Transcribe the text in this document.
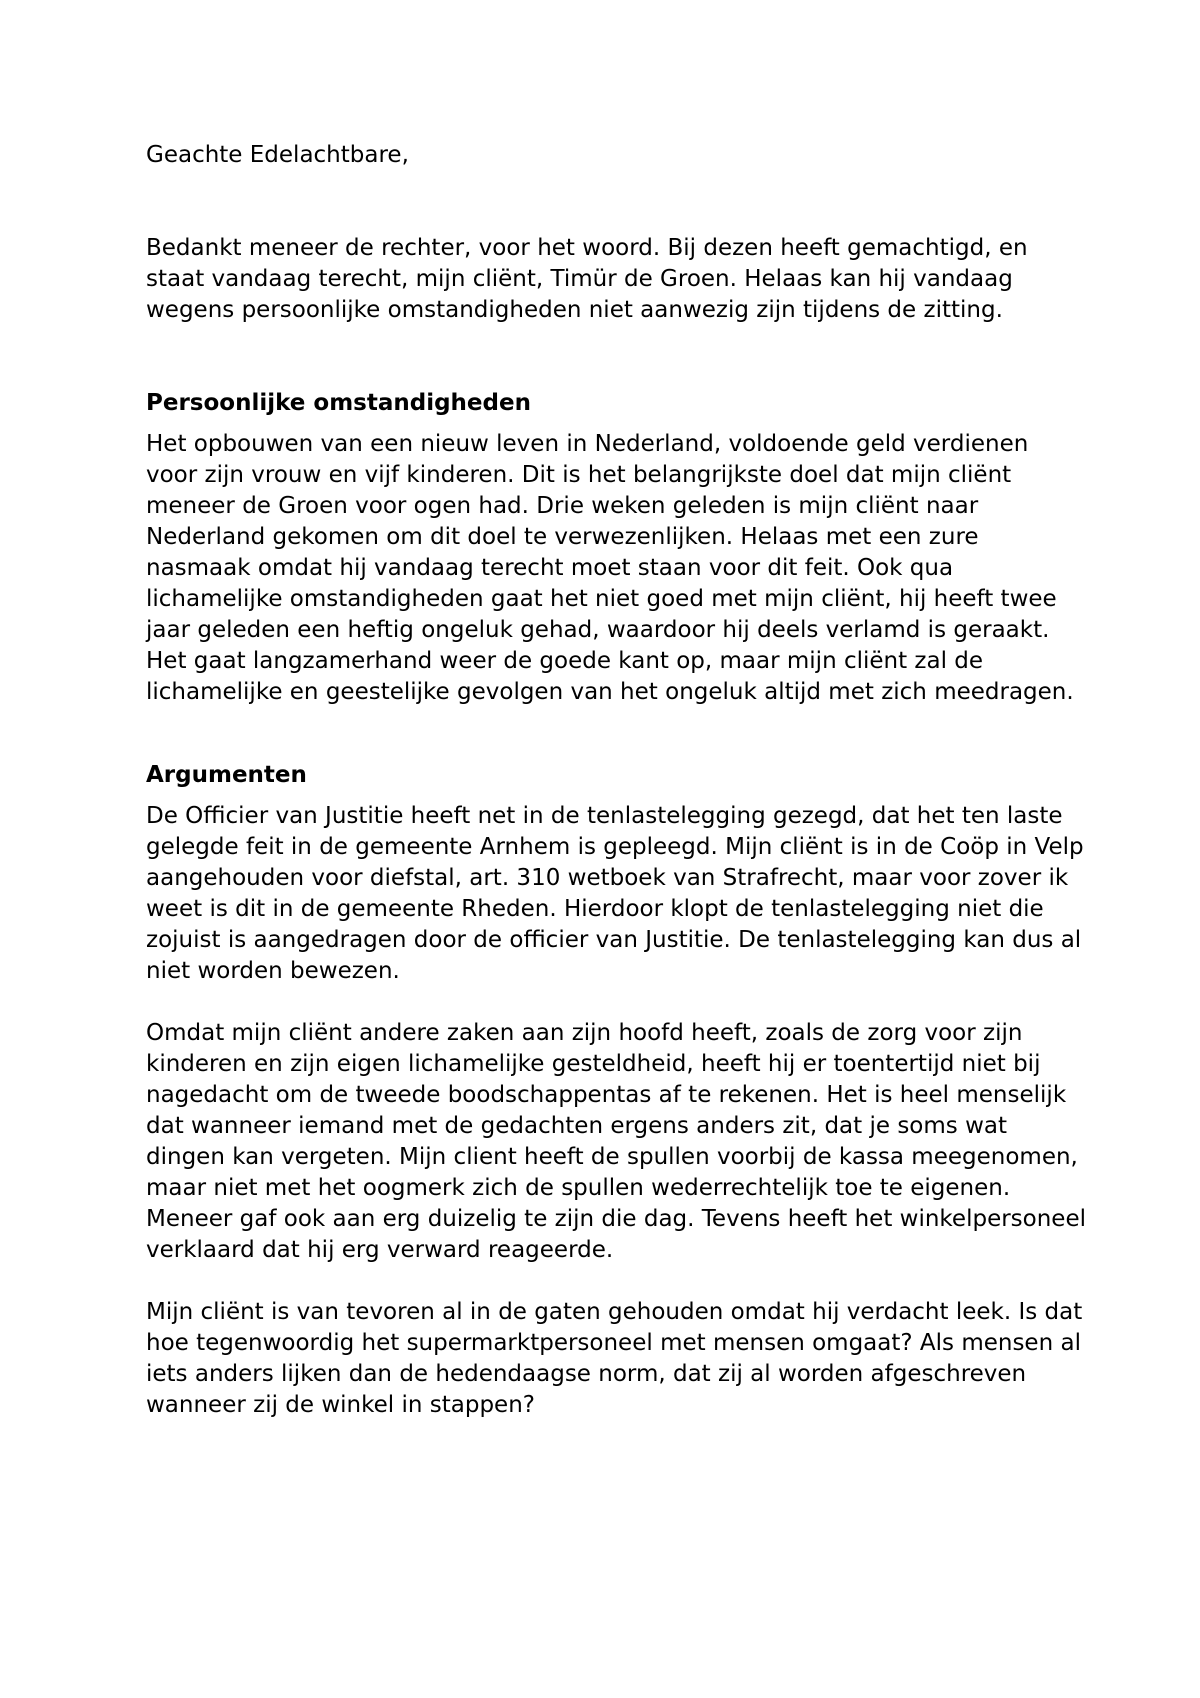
Geachte Edelachtbare,

Bedankt meneer de rechter, voor het woord. Bij dezen heeft gemachtigd, en staat vandaag terecht, mijn cliënt, Timür de Groen. Helaas kan hij vandaag wegens persoonlijke omstandigheden niet aanwezig zijn tijdens de zitting.

Persoonlijke omstandigheden

Het opbouwen van een nieuw leven in Nederland, voldoende geld verdienen voor zijn vrouw en vijf kinderen. Dit is het belangrijkste doel dat mijn cliënt meneer de Groen voor ogen had. Drie weken geleden is mijn cliënt naar Nederland gekomen om dit doel te verwezenlijken. Helaas met een zure nasmaak omdat hij vandaag terecht moet staan voor dit feit. Ook qua lichamelijke omstandigheden gaat het niet goed met mijn cliënt, hij heeft twee jaar geleden een heftig ongeluk gehad, waardoor hij deels verlamd is geraakt. Het gaat langzamerhand weer de goede kant op, maar mijn cliënt zal de lichamelijke en geestelijke gevolgen van het ongeluk altijd met zich meedragen.

Argumenten

De Officier van Justitie heeft net in de tenlastelegging gezegd, dat het ten laste gelegde feit in de gemeente Arnhem is gepleegd. Mijn cliënt is in de Coöp in Velp aangehouden voor diefstal, art. 310 wetboek van Strafrecht, maar voor zover ik weet is dit in de gemeente Rheden. Hierdoor klopt de tenlastelegging niet die zojuist is aangedragen door de officier van Justitie. De tenlastelegging kan dus al niet worden bewezen.

Omdat mijn cliënt andere zaken aan zijn hoofd heeft, zoals de zorg voor zijn kinderen en zijn eigen lichamelijke gesteldheid, heeft hij er toentertijd niet bij nagedacht om de tweede boodschappentas af te rekenen. Het is heel menselijk dat wanneer iemand met de gedachten ergens anders zit, dat je soms wat dingen kan vergeten. Mijn client heeft de spullen voorbij de kassa meegenomen, maar niet met het oogmerk zich de spullen wederrechtelijk toe te eigenen. Meneer gaf ook aan erg duizelig te zijn die dag. Tevens heeft het winkelpersoneel verklaard dat hij erg verward reageerde.

Mijn cliënt is van tevoren al in de gaten gehouden omdat hij verdacht leek. Is dat hoe tegenwoordig het supermarktpersoneel met mensen omgaat? Als mensen al iets anders lijken dan de hedendaagse norm, dat zij al worden afgeschreven wanneer zij de winkel in stappen?
